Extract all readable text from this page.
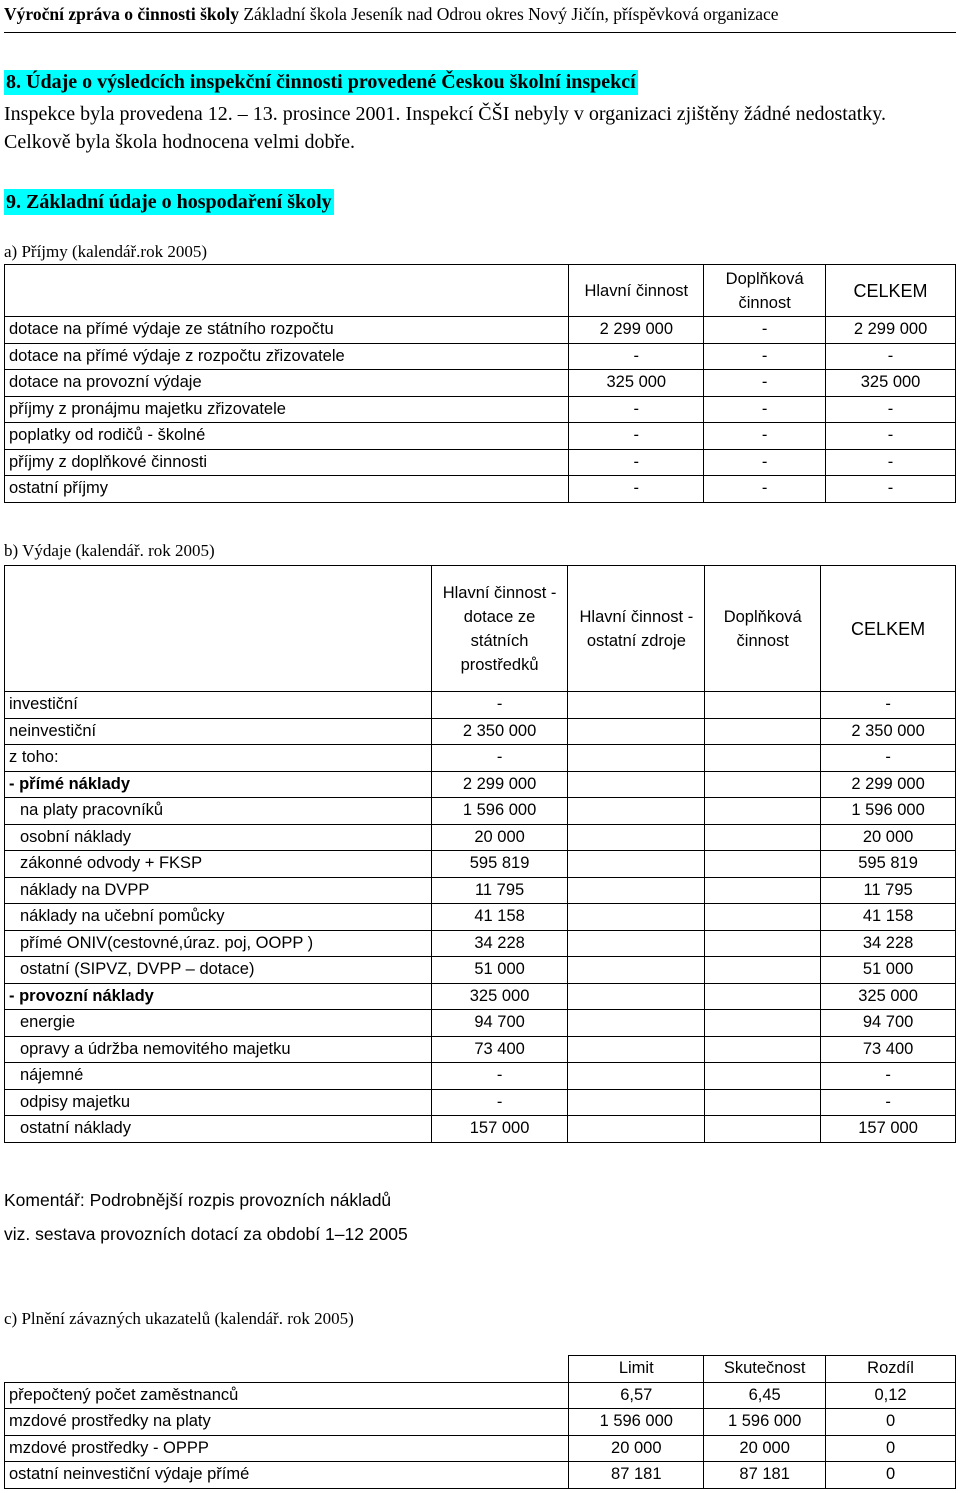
Výroční zpráva o činnosti školy Základní škola Jeseník nad Odrou okres Nový Jičín, příspěvková organizace
8. Údaje o výsledcích inspekční činnosti provedené Českou školní inspekcí
Inspekce byla provedena 12. – 13. prosince 2001. Inspekcí ČŠI nebyly v organizaci zjištěny žádné nedostatky. Celkově byla škola hodnocena velmi dobře.
9. Základní údaje o hospodaření školy
a) Příjmy (kalendář.rok 2005)
	Hlavní činnost	Doplňková činnost	CELKEM
dotace na přímé výdaje ze státního rozpočtu	2 299 000	-	2 299 000
dotace na přímé výdaje z rozpočtu zřizovatele	-	-	-
dotace na provozní výdaje	325 000	-	325 000
příjmy z pronájmu majetku zřizovatele	-	-	-
poplatky od rodičů - školné	-	-	-
příjmy z doplňkové činnosti	-	-	-
ostatní příjmy	-	-	-
b) Výdaje (kalendář. rok 2005)
	Hlavní činnost - dotace ze státních prostředků	Hlavní činnost - ostatní zdroje	Doplňková činnost	CELKEM
investiční	-			-
neinvestiční	2 350 000			2 350 000
z toho:	-			-
- přímé náklady	2 299 000			2 299 000
na platy pracovníků	1 596 000			1 596 000
osobní náklady	20 000			20 000
zákonné odvody + FKSP	595 819			595 819
náklady na DVPP	11 795			11 795
náklady na učební pomůcky	41 158			41 158
přímé ONIV(cestovné,úraz. poj, OOPP )	34 228			34 228
ostatní (SIPVZ, DVPP – dotace)	51 000			51 000
- provozní náklady	325 000			325 000
energie	94 700			94 700
opravy a údržba nemovitého majetku	73 400			73 400
nájemné	-			-
odpisy majetku	-			-
ostatní náklady	157 000			157 000
Komentář: Podrobnější rozpis provozních nákladů
viz. sestava provozních dotací za období 1–12 2005
c) Plnění závazných ukazatelů (kalendář. rok 2005)
	Limit	Skutečnost	Rozdíl
přepočtený počet zaměstnanců	6,57	6,45	0,12
mzdové prostředky na platy	1 596 000	1 596 000	0
mzdové prostředky - OPPP	20 000	20 000	0
ostatní neinvestiční výdaje přímé	87 181	87 181	0
